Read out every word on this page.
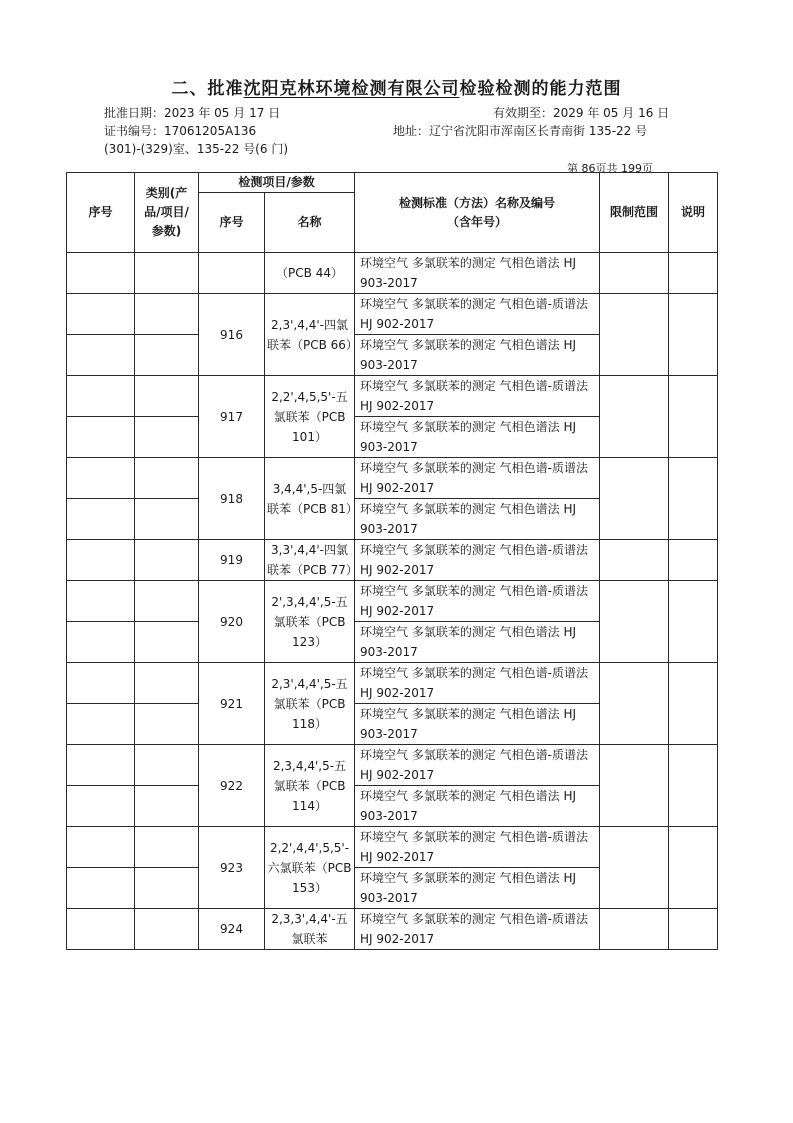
二、批准沈阳克林环境检测有限公司检验检测的能力范围
批准日期：2023 年 05 月 17 日	有效期至：2029 年 05 月 16 日
证书编号：17061205A136	地址：辽宁省沈阳市浑南区长青南街 135-22 号
(301)-(329)室、135-22 号(6 门)
第 86页共 199页
序号	类别(产品/项目/参数)	检测项目/参数		检测标准（方法）名称及编号（含年号）	限制范围	说明
		序号	名称			
			（PCB 44）	环境空气 多氯联苯的测定 气相色谱法 HJ 903-2017		
		916	2,3',4,4'-四氯联苯（PCB 66）	环境空气 多氯联苯的测定 气相色谱-质谱法 HJ 902-2017		
				环境空气 多氯联苯的测定 气相色谱法 HJ 903-2017		
		917	2,2',4,5,5'-五氯联苯（PCB 101）	环境空气 多氯联苯的测定 气相色谱-质谱法 HJ 902-2017		
				环境空气 多氯联苯的测定 气相色谱法 HJ 903-2017		
		918	3,4,4',5-四氯联苯（PCB 81）	环境空气 多氯联苯的测定 气相色谱-质谱法 HJ 902-2017		
				环境空气 多氯联苯的测定 气相色谱法 HJ 903-2017		
		919	3,3',4,4'-四氯联苯（PCB 77）	环境空气 多氯联苯的测定 气相色谱-质谱法 HJ 902-2017		
		920	2',3,4,4',5-五氯联苯（PCB 123）	环境空气 多氯联苯的测定 气相色谱-质谱法 HJ 902-2017		
				环境空气 多氯联苯的测定 气相色谱法 HJ 903-2017		
		921	2,3',4,4',5-五氯联苯（PCB 118）	环境空气 多氯联苯的测定 气相色谱-质谱法 HJ 902-2017		
				环境空气 多氯联苯的测定 气相色谱法 HJ 903-2017		
		922	2,3,4,4',5-五氯联苯（PCB 114）	环境空气 多氯联苯的测定 气相色谱-质谱法 HJ 902-2017		
				环境空气 多氯联苯的测定 气相色谱法 HJ 903-2017		
		923	2,2',4,4',5,5'-六氯联苯（PCB 153）	环境空气 多氯联苯的测定 气相色谱-质谱法 HJ 902-2017		
				环境空气 多氯联苯的测定 气相色谱法 HJ 903-2017		
		924	2,3,3',4,4'-五氯联苯	环境空气 多氯联苯的测定 气相色谱-质谱法 HJ 902-2017		
